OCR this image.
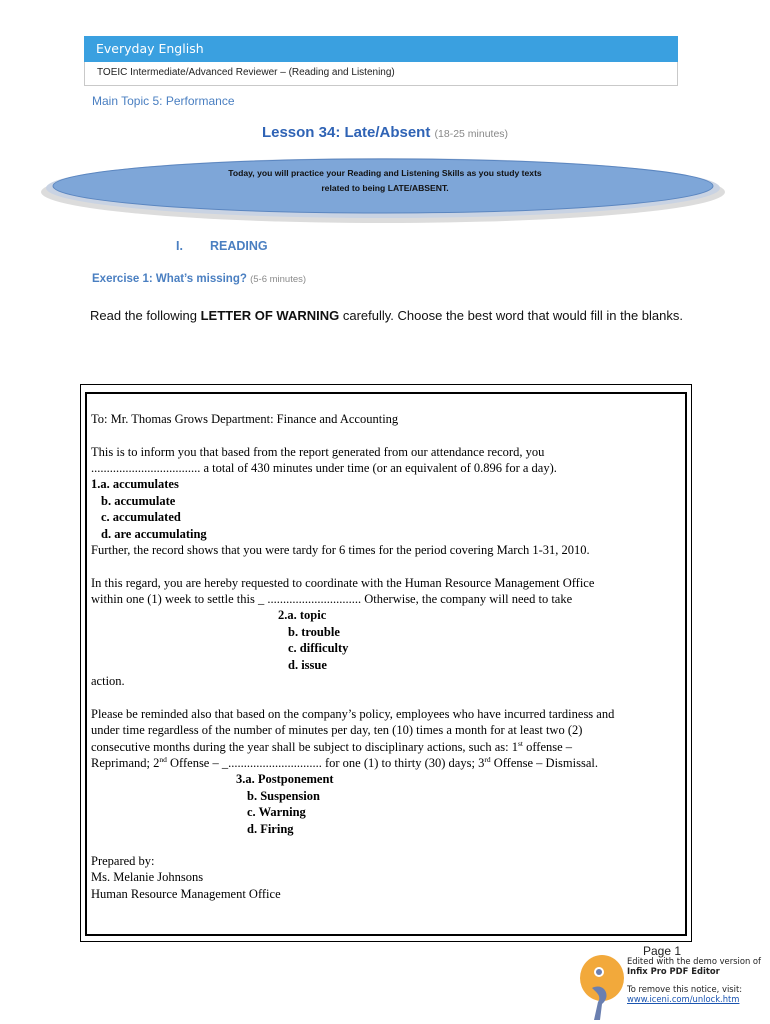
Everyday English
TOEIC Intermediate/Advanced Reviewer – (Reading and Listening)
Main Topic 5: Performance
Lesson 34: Late/Absent (18-25 minutes)
Today, you will practice your Reading and Listening Skills as you study texts
related to being LATE/ABSENT.
I. READING
Exercise 1: What’s missing? (5-6 minutes)
Read the following LETTER OF WARNING carefully. Choose the best word that would fill in the blanks.
To: Mr. Thomas Grows Department: Finance and Accounting
This is to inform you that based from the report generated from our attendance record, you
................................... a total of 430 minutes under time (or an equivalent of 0.896 for a day).
1.a. accumulates
b. accumulate
c. accumulated
d. are accumulating
Further, the record shows that you were tardy for 6 times for the period covering March 1-31, 2010.
In this regard, you are hereby requested to coordinate with the Human Resource Management Office
within one (1) week to settle this _ .............................. Otherwise, the company will need to take
2.a. topic
b. trouble
c. difficulty
d. issue
action.
Please be reminded also that based on the company’s policy, employees who have incurred tardiness and
under time regardless of the number of minutes per day, ten (10) times a month for at least two (2)
consecutive months during the year shall be subject to disciplinary actions, such as: 1st offense –
Reprimand; 2nd Offense – _.............................. for one (1) to thirty (30) days; 3rd Offense – Dismissal.
3.a. Postponement
b. Suspension
c. Warning
d. Firing
Prepared by:
Ms. Melanie Johnsons
Human Resource Management Office
Page 1
Edited with the demo version of
Infix Pro PDF Editor
To remove this notice, visit:
www.iceni.com/unlock.htm
